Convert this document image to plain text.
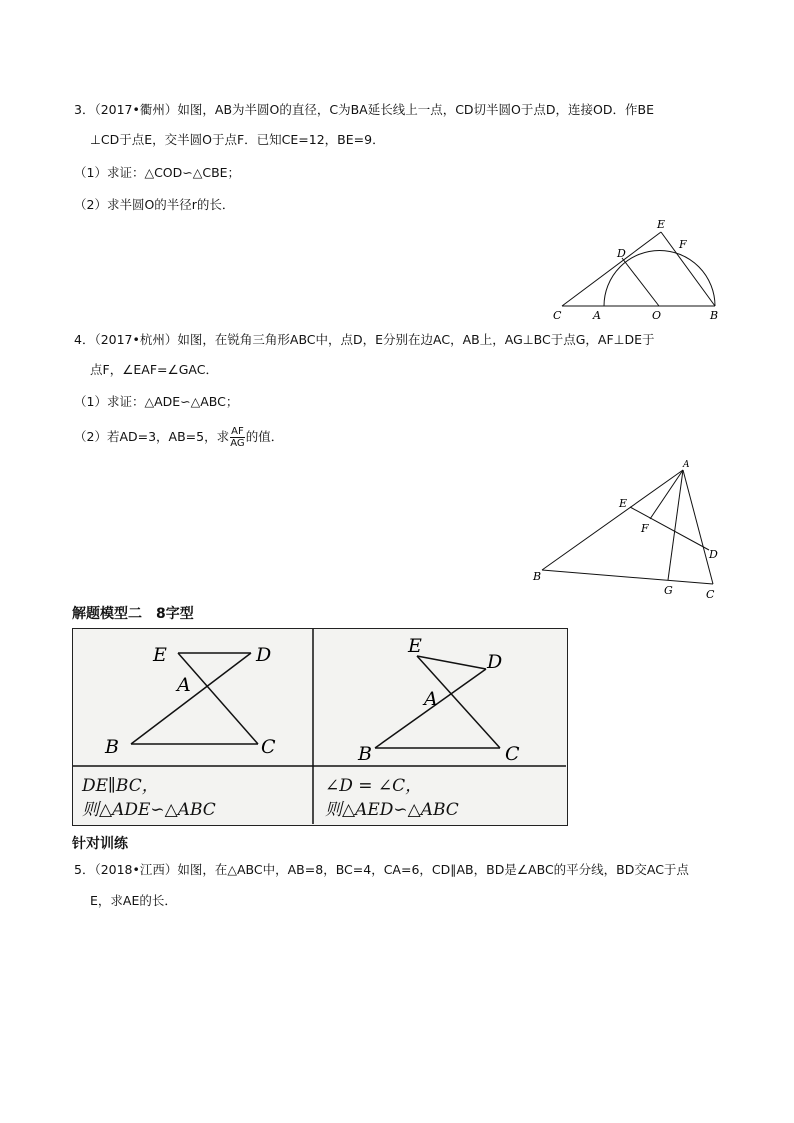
3．（2017•衢州）如图，AB为半圆O的直径，C为BA延长线上一点，CD切半圆O于点D，连接OD．作BE
⊥CD于点E，交半圆O于点F．已知CE=12，BE=9．
（1）求证：△COD∽△CBE；
（2）求半圆O的半径r的长．
E
F
D
C	A	O	B
4．（2017•杭州）如图，在锐角三角形ABC中，点D，E分别在边AC，AB上，AG⊥BC于点G，AF⊥DE于
点F，∠EAF=∠GAC．
（1）求证：△ADE∽△ABC；
（2）若AD=3，AB=5，求 $\frac{AF}{AG}$ 的值．
A
E
F
D
B
G	C
解题模型二　8字型
E	D
A
B	C
E
D
A
B	C
DE∥BC，
则△ADE∽△ABC
∠D = ∠C，
则△AED∽△ABC
针对训练
5．（2018•江西）如图，在△ABC中，AB=8，BC=4，CA=6，CD∥AB，BD是∠ABC的平分线，BD交AC于点
E，求AE的长．
